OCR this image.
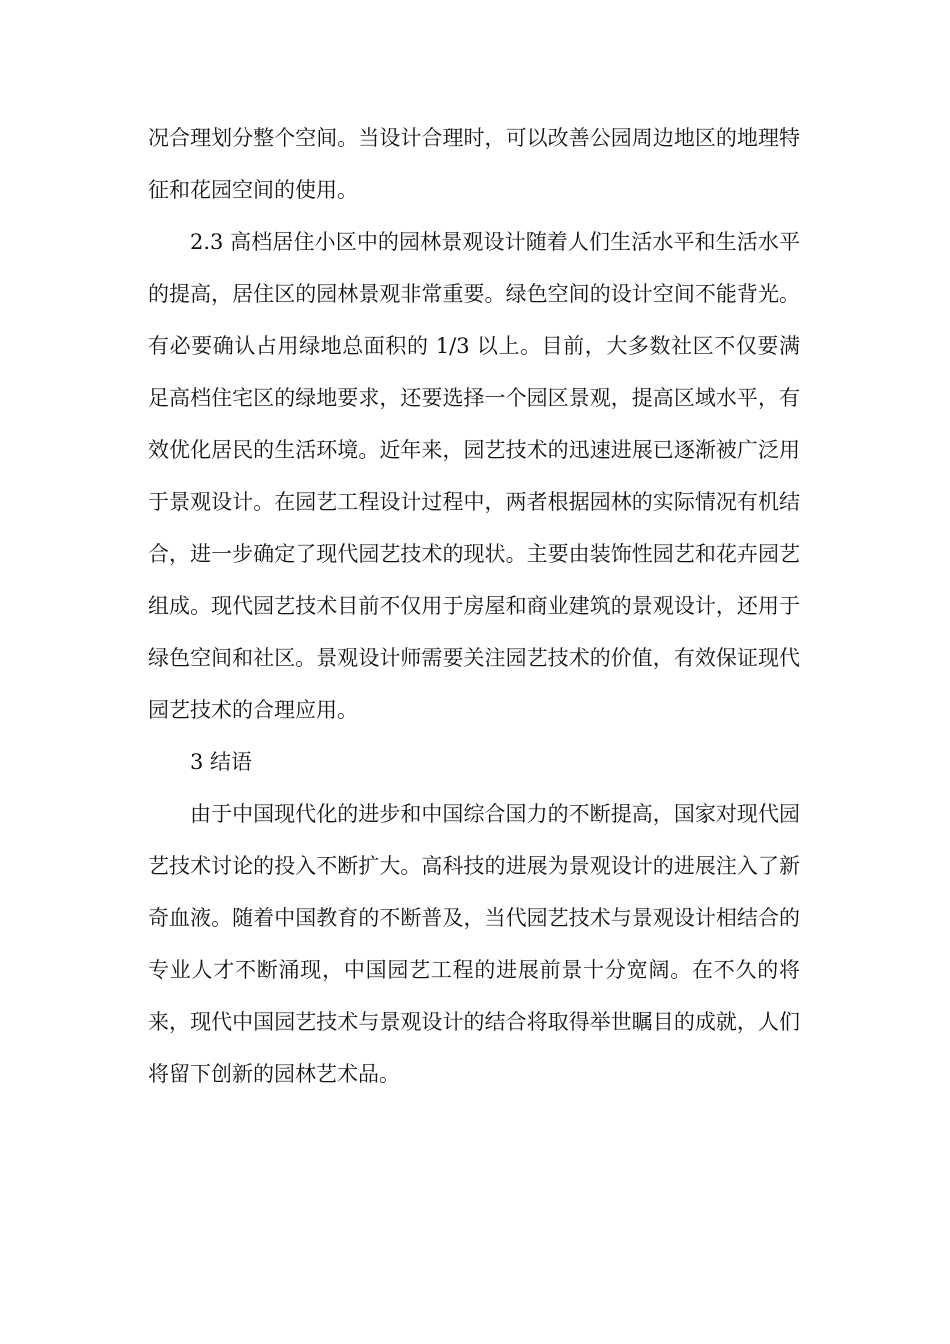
况合理划分整个空间。当设计合理时，可以改善公园周边地区的地理特征和花园空间的使用。

2.3 高档居住小区中的园林景观设计随着人们生活水平和生活水平的提高，居住区的园林景观非常重要。绿色空间的设计空间不能背光。有必要确认占用绿地总面积的 1/3 以上。目前，大多数社区不仅要满足高档住宅区的绿地要求，还要选择一个园区景观，提高区域水平，有效优化居民的生活环境。近年来，园艺技术的迅速进展已逐渐被广泛用于景观设计。在园艺工程设计过程中，两者根据园林的实际情况有机结合，进一步确定了现代园艺技术的现状。主要由装饰性园艺和花卉园艺组成。现代园艺技术目前不仅用于房屋和商业建筑的景观设计，还用于绿色空间和社区。景观设计师需要关注园艺技术的价值，有效保证现代园艺技术的合理应用。

3 结语

由于中国现代化的进步和中国综合国力的不断提高，国家对现代园艺技术讨论的投入不断扩大。高科技的进展为景观设计的进展注入了新奇血液。随着中国教育的不断普及，当代园艺技术与景观设计相结合的专业人才不断涌现，中国园艺工程的进展前景十分宽阔。在不久的将来，现代中国园艺技术与景观设计的结合将取得举世瞩目的成就，人们将留下创新的园林艺术品。
